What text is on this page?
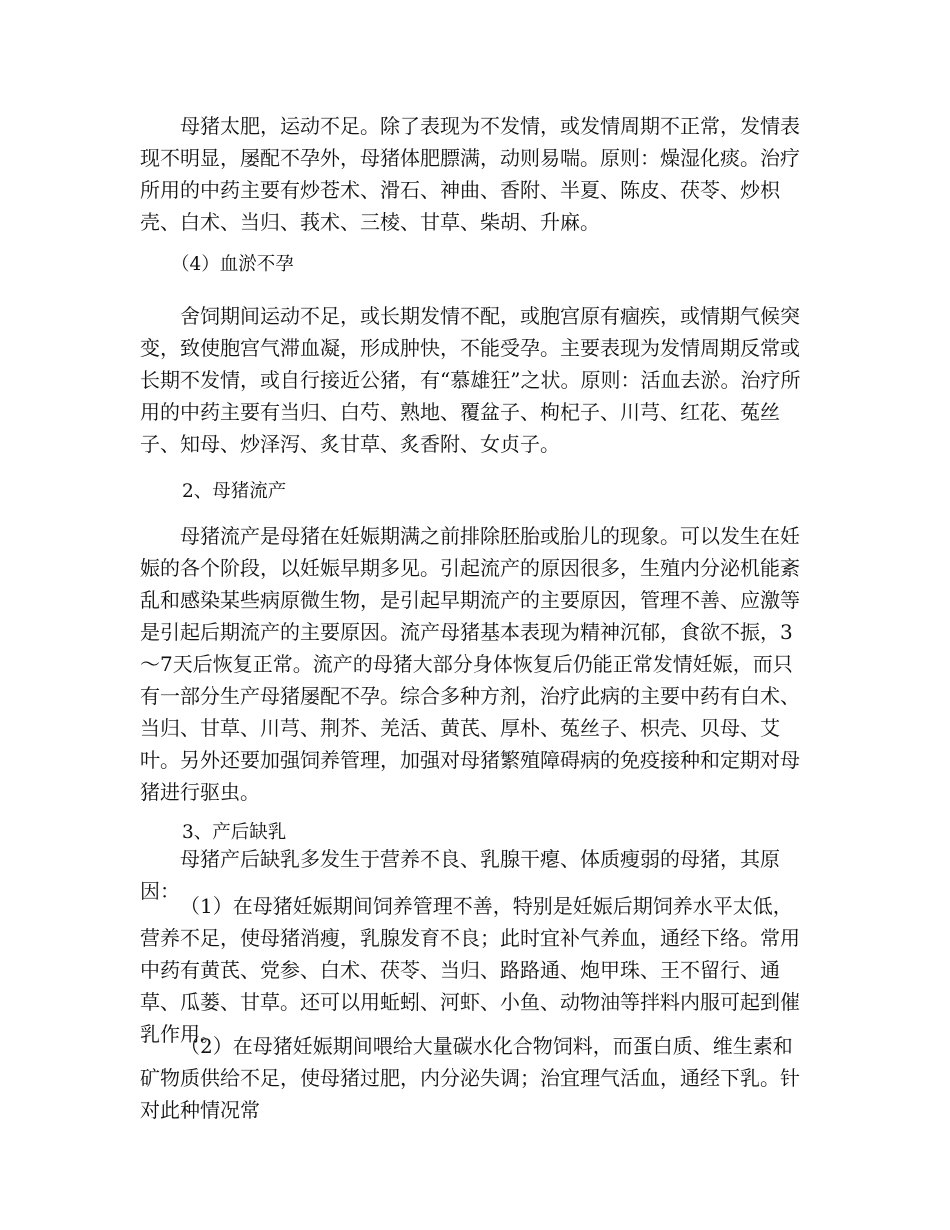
母猪太肥，运动不足。除了表现为不发情，或发情周期不正常，发情表现不明显，屡配不孕外，母猪体肥膘满，动则易喘。原则：燥湿化痰。治疗所用的中药主要有炒苍术、滑石、神曲、香附、半夏、陈皮、茯苓、炒枳壳、白术、当归、莪术、三棱、甘草、柴胡、升麻。

（4）血淤不孕

舍饲期间运动不足，或长期发情不配，或胞宫原有痼疾，或情期气候突变，致使胞宫气滞血凝，形成肿快，不能受孕。主要表现为发情周期反常或长期不发情，或自行接近公猪，有“慕雄狂”之状。原则：活血去淤。治疗所用的中药主要有当归、白芍、熟地、覆盆子、枸杞子、川芎、红花、菟丝子、知母、炒泽泻、炙甘草、炙香附、女贞子。

2、母猪流产

母猪流产是母猪在妊娠期满之前排除胚胎或胎儿的现象。可以发生在妊娠的各个阶段，以妊娠早期多见。引起流产的原因很多，生殖内分泌机能紊乱和感染某些病原微生物，是引起早期流产的主要原因，管理不善、应激等是引起后期流产的主要原因。流产母猪基本表现为精神沉郁，食欲不振，3～7天后恢复正常。流产的母猪大部分身体恢复后仍能正常发情妊娠，而只有一部分生产母猪屡配不孕。综合多种方剂，治疗此病的主要中药有白术、当归、甘草、川芎、荆芥、羌活、黄芪、厚朴、菟丝子、枳壳、贝母、艾叶。另外还要加强饲养管理，加强对母猪繁殖障碍病的免疫接种和定期对母猪进行驱虫。

3、产后缺乳

母猪产后缺乳多发生于营养不良、乳腺干瘪、体质瘦弱的母猪，其原因：

（1）在母猪妊娠期间饲养管理不善，特别是妊娠后期饲养水平太低，营养不足，使母猪消瘦，乳腺发育不良；此时宜补气养血，通经下络。常用中药有黄芪、党参、白术、茯苓、当归、路路通、炮甲珠、王不留行、通草、瓜蒌、甘草。还可以用蚯蚓、河虾、小鱼、动物油等拌料内服可起到催乳作用。

（2）在母猪妊娠期间喂给大量碳水化合物饲料，而蛋白质、维生素和矿物质供给不足，使母猪过肥，内分泌失调；治宜理气活血，通经下乳。针对此种情况常
